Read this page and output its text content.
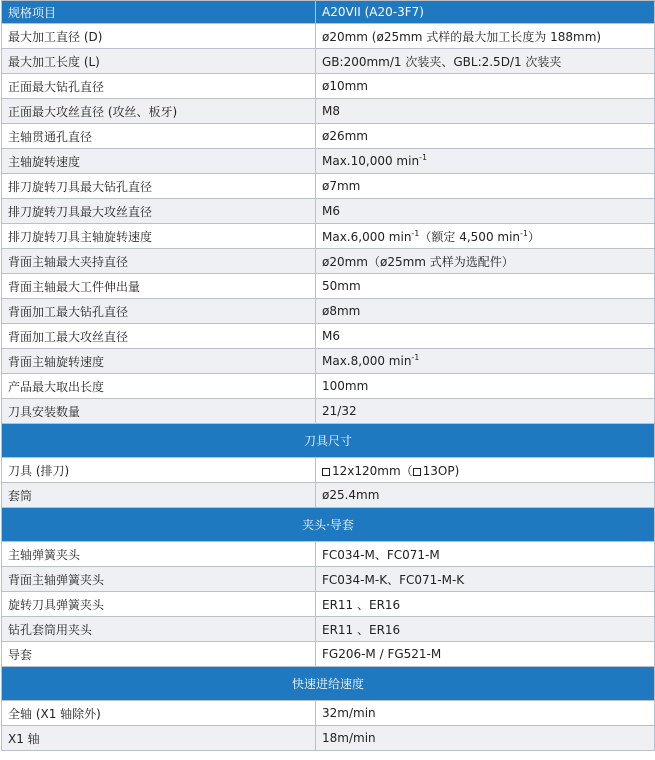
规格项目	A20VII (A20-3F7)
最大加工直径 (D)	ø20mm (ø25mm 式样的最大加工长度为 188mm)
最大加工长度 (L)	GB:200mm/1 次装夹、GBL:2.5D/1 次装夹
正面最大钻孔直径	ø10mm
正面最大攻丝直径 (攻丝、板牙)	M8
主轴贯通孔直径	ø26mm
主轴旋转速度	Max.10,000 $\min^{-1}$
排刀旋转刀具最大钻孔直径	ø7mm
排刀旋转刀具最大攻丝直径	M6
排刀旋转刀具主轴旋转速度	Max.6,000 $\min^{-1}$（额定 4,500 $\min^{-1}$）
背面主轴最大夹持直径	ø20mm（ø25mm 式样为选配件）
背面主轴最大工件伸出量	50mm
背面加工最大钻孔直径	ø8mm
背面加工最大攻丝直径	M6
背面主轴旋转速度	Max.8,000 $\min^{-1}$
产品最大取出长度	100mm
刀具安装数量	21/32
刀具尺寸	
刀具 (排刀)	12x120mm（ 13OP)
套筒	ø25.4mm
夹头·导套	
主轴弹簧夹头	FC034-M、FC071-M
背面主轴弹簧夹头	FC034-M-K、FC071-M-K
旋转刀具弹簧夹头	ER11 、ER16
钻孔套筒用夹头	ER11 、ER16
导套	FG206-M / FG521-M
快速进给速度	
全轴 (X1 轴除外)	32m/min
X1 轴	18m/min
